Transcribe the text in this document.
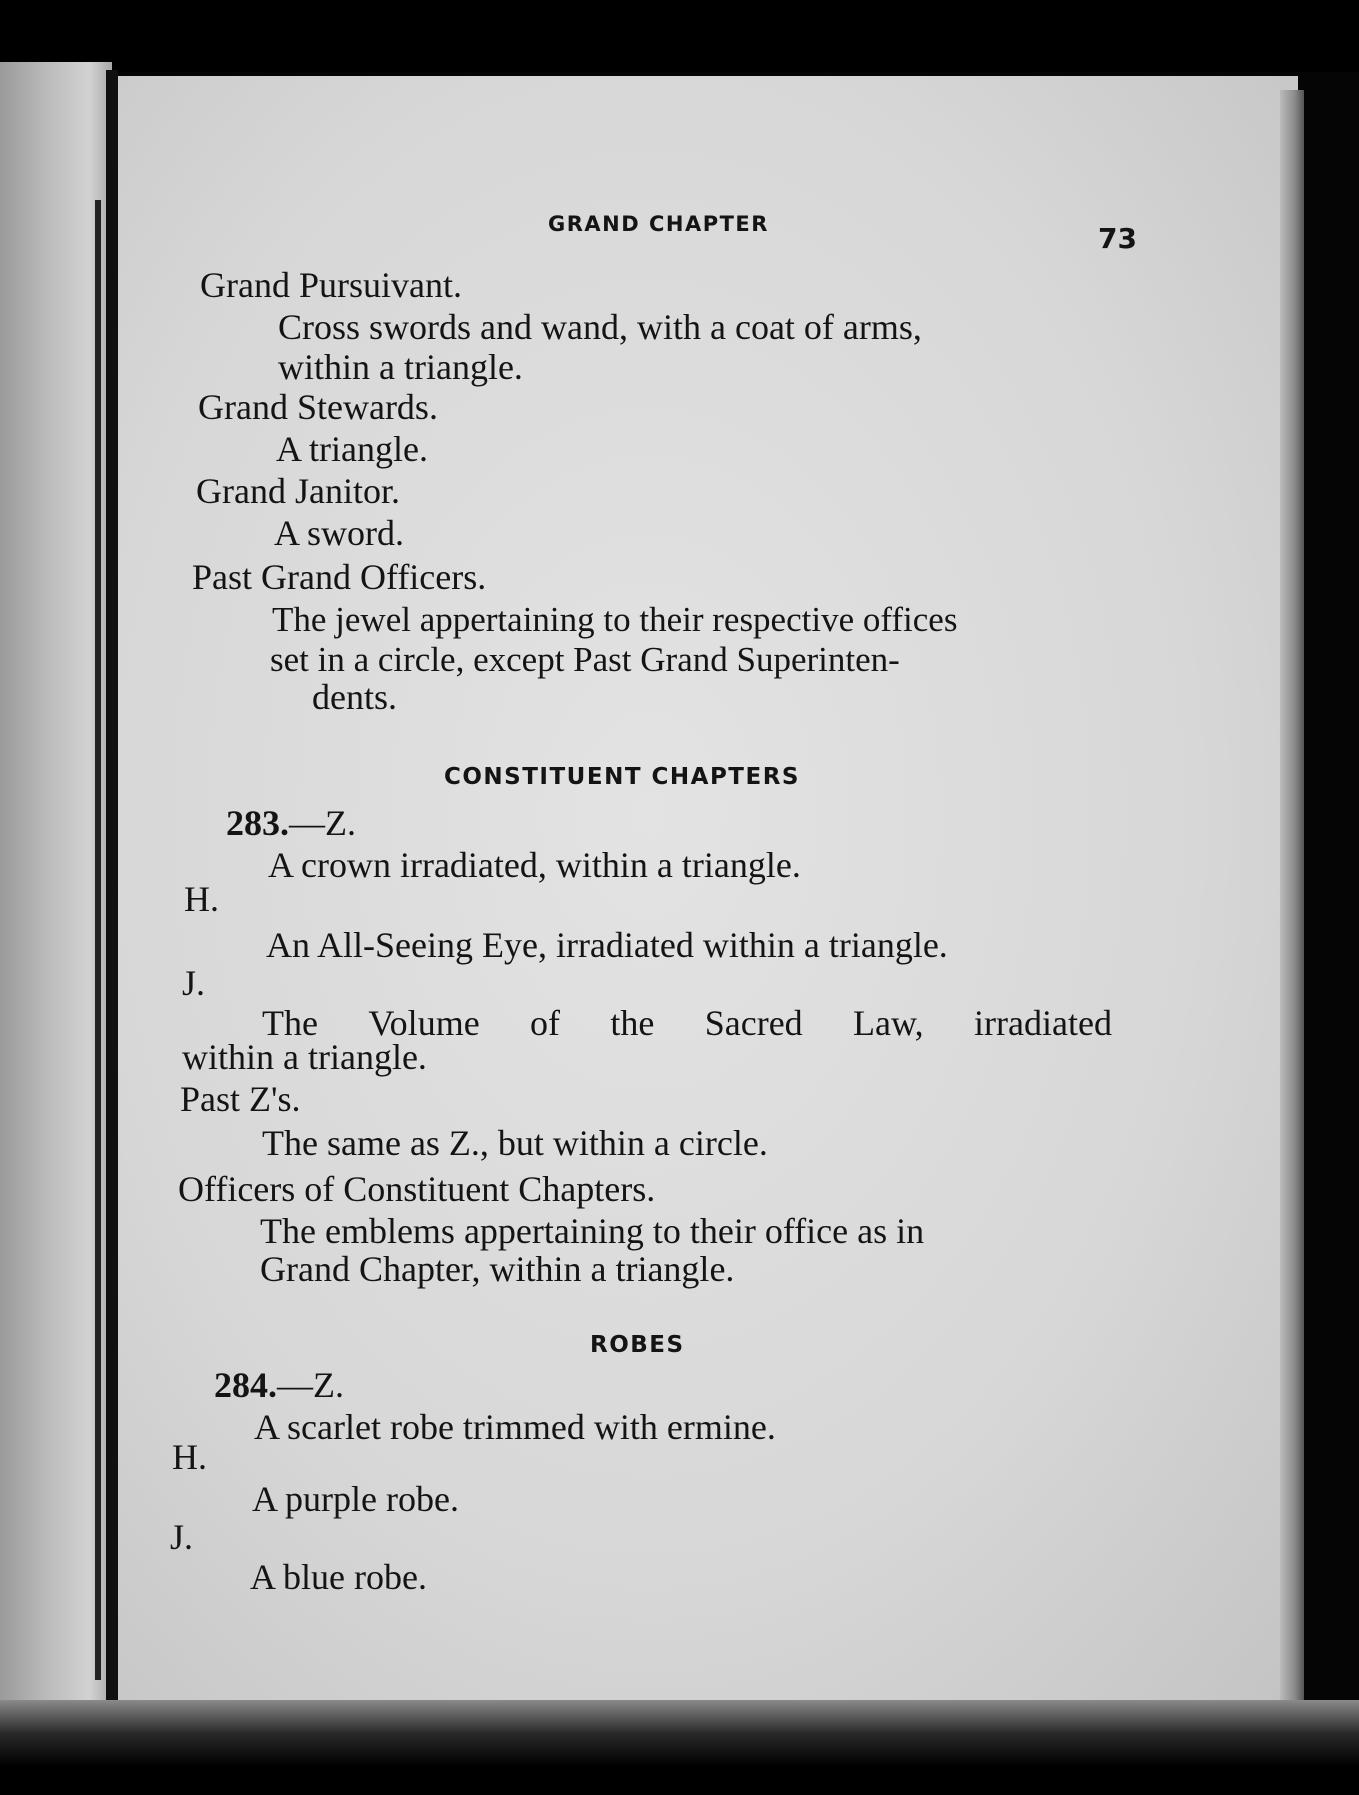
GRAND CHAPTER	73
Grand Pursuivant.
Cross swords and wand, with a coat of arms,
within a triangle.
Grand Stewards.
A triangle.
Grand Janitor.
A sword.
Past Grand Officers.
The jewel appertaining to their respective offices
set in a circle, except Past Grand Superinten-
dents.
CONSTITUENT CHAPTERS
283.—Z.
A crown irradiated, within a triangle.
H.
An All-Seeing Eye, irradiated within a triangle.
J.
The Volume of the Sacred Law, irradiated
within a triangle.
Past Z's.
The same as Z., but within a circle.
Officers of Constituent Chapters.
The emblems appertaining to their office as in
Grand Chapter, within a triangle.
ROBES
284.—Z.
A scarlet robe trimmed with ermine.
H.
A purple robe.
J.
A blue robe.
